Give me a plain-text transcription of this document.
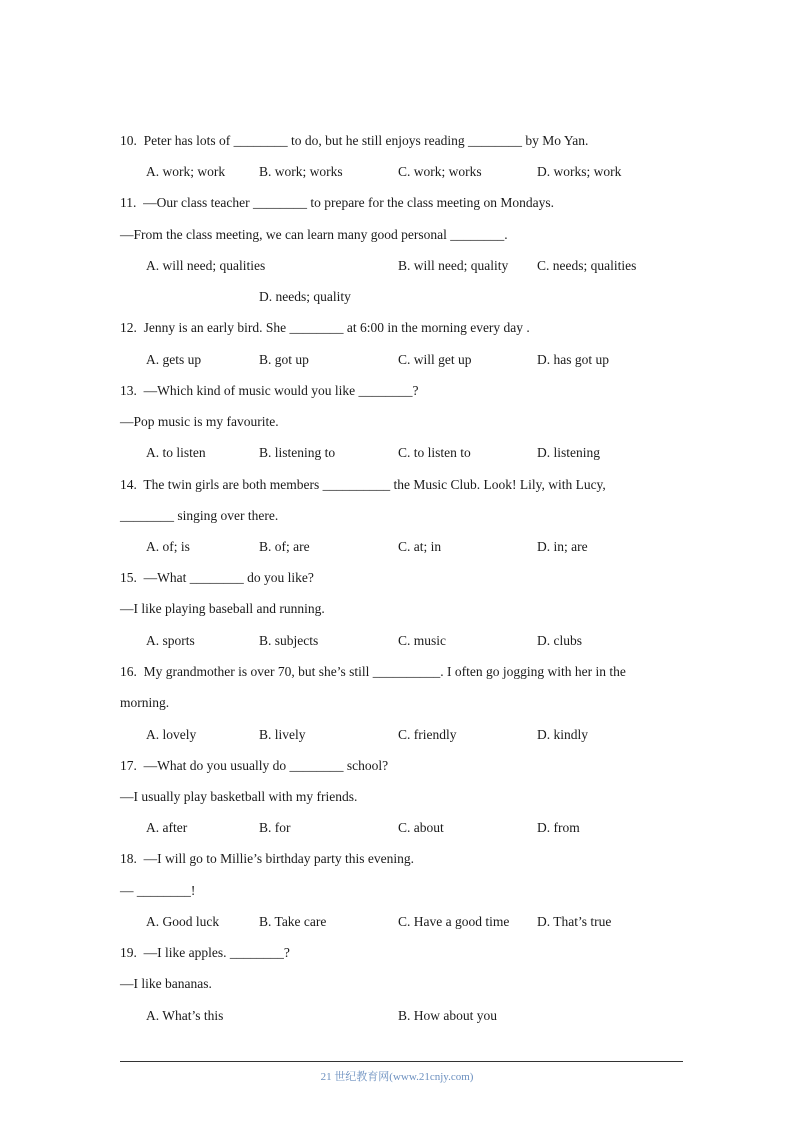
10.  Peter has lots of ________ to do, but he still enjoys reading ________ by Mo Yan.
A. work; work	B. work; works	C. work; works	D. works; work
11.  —Our class teacher ________ to prepare for the class meeting on Mondays.
—From the class meeting, we can learn many good personal ________.
A. will need; qualities	B. will need; quality C. needs; qualities
D. needs; quality
12.  Jenny is an early bird. She ________ at 6:00 in the morning every day .
A. gets up	B. got up	C. will get up	D. has got up
13.  —Which kind of music would you like ________?
—Pop music is my favourite.
A. to listen	B. listening to	C. to listen to	D. listening
14.  The twin girls are both members __________ the Music Club. Look! Lily, with Lucy,
________ singing over there.
A. of; is	B. of; are	C. at; in	D. in; are
15.  —What ________ do you like?
—I like playing baseball and running.
A. sports	B. subjects	C. music	D. clubs
16.  My grandmother is over 70, but she’s still __________. I often go jogging with her in the
morning.
A. lovely	B. lively	C. friendly	D. kindly
17.  —What do you usually do ________ school?
—I usually play basketball with my friends.
A. after	B. for	C. about	D. from
18.  —I will go to Millie’s birthday party this evening.
— ________!
A. Good luck	B. Take care	C. Have a good time D. That’s true
19.  —I like apples. ________?
—I like bananas.
A. What’s this	B. How about you
21 世纪教育网(www.21cnjy.com)
